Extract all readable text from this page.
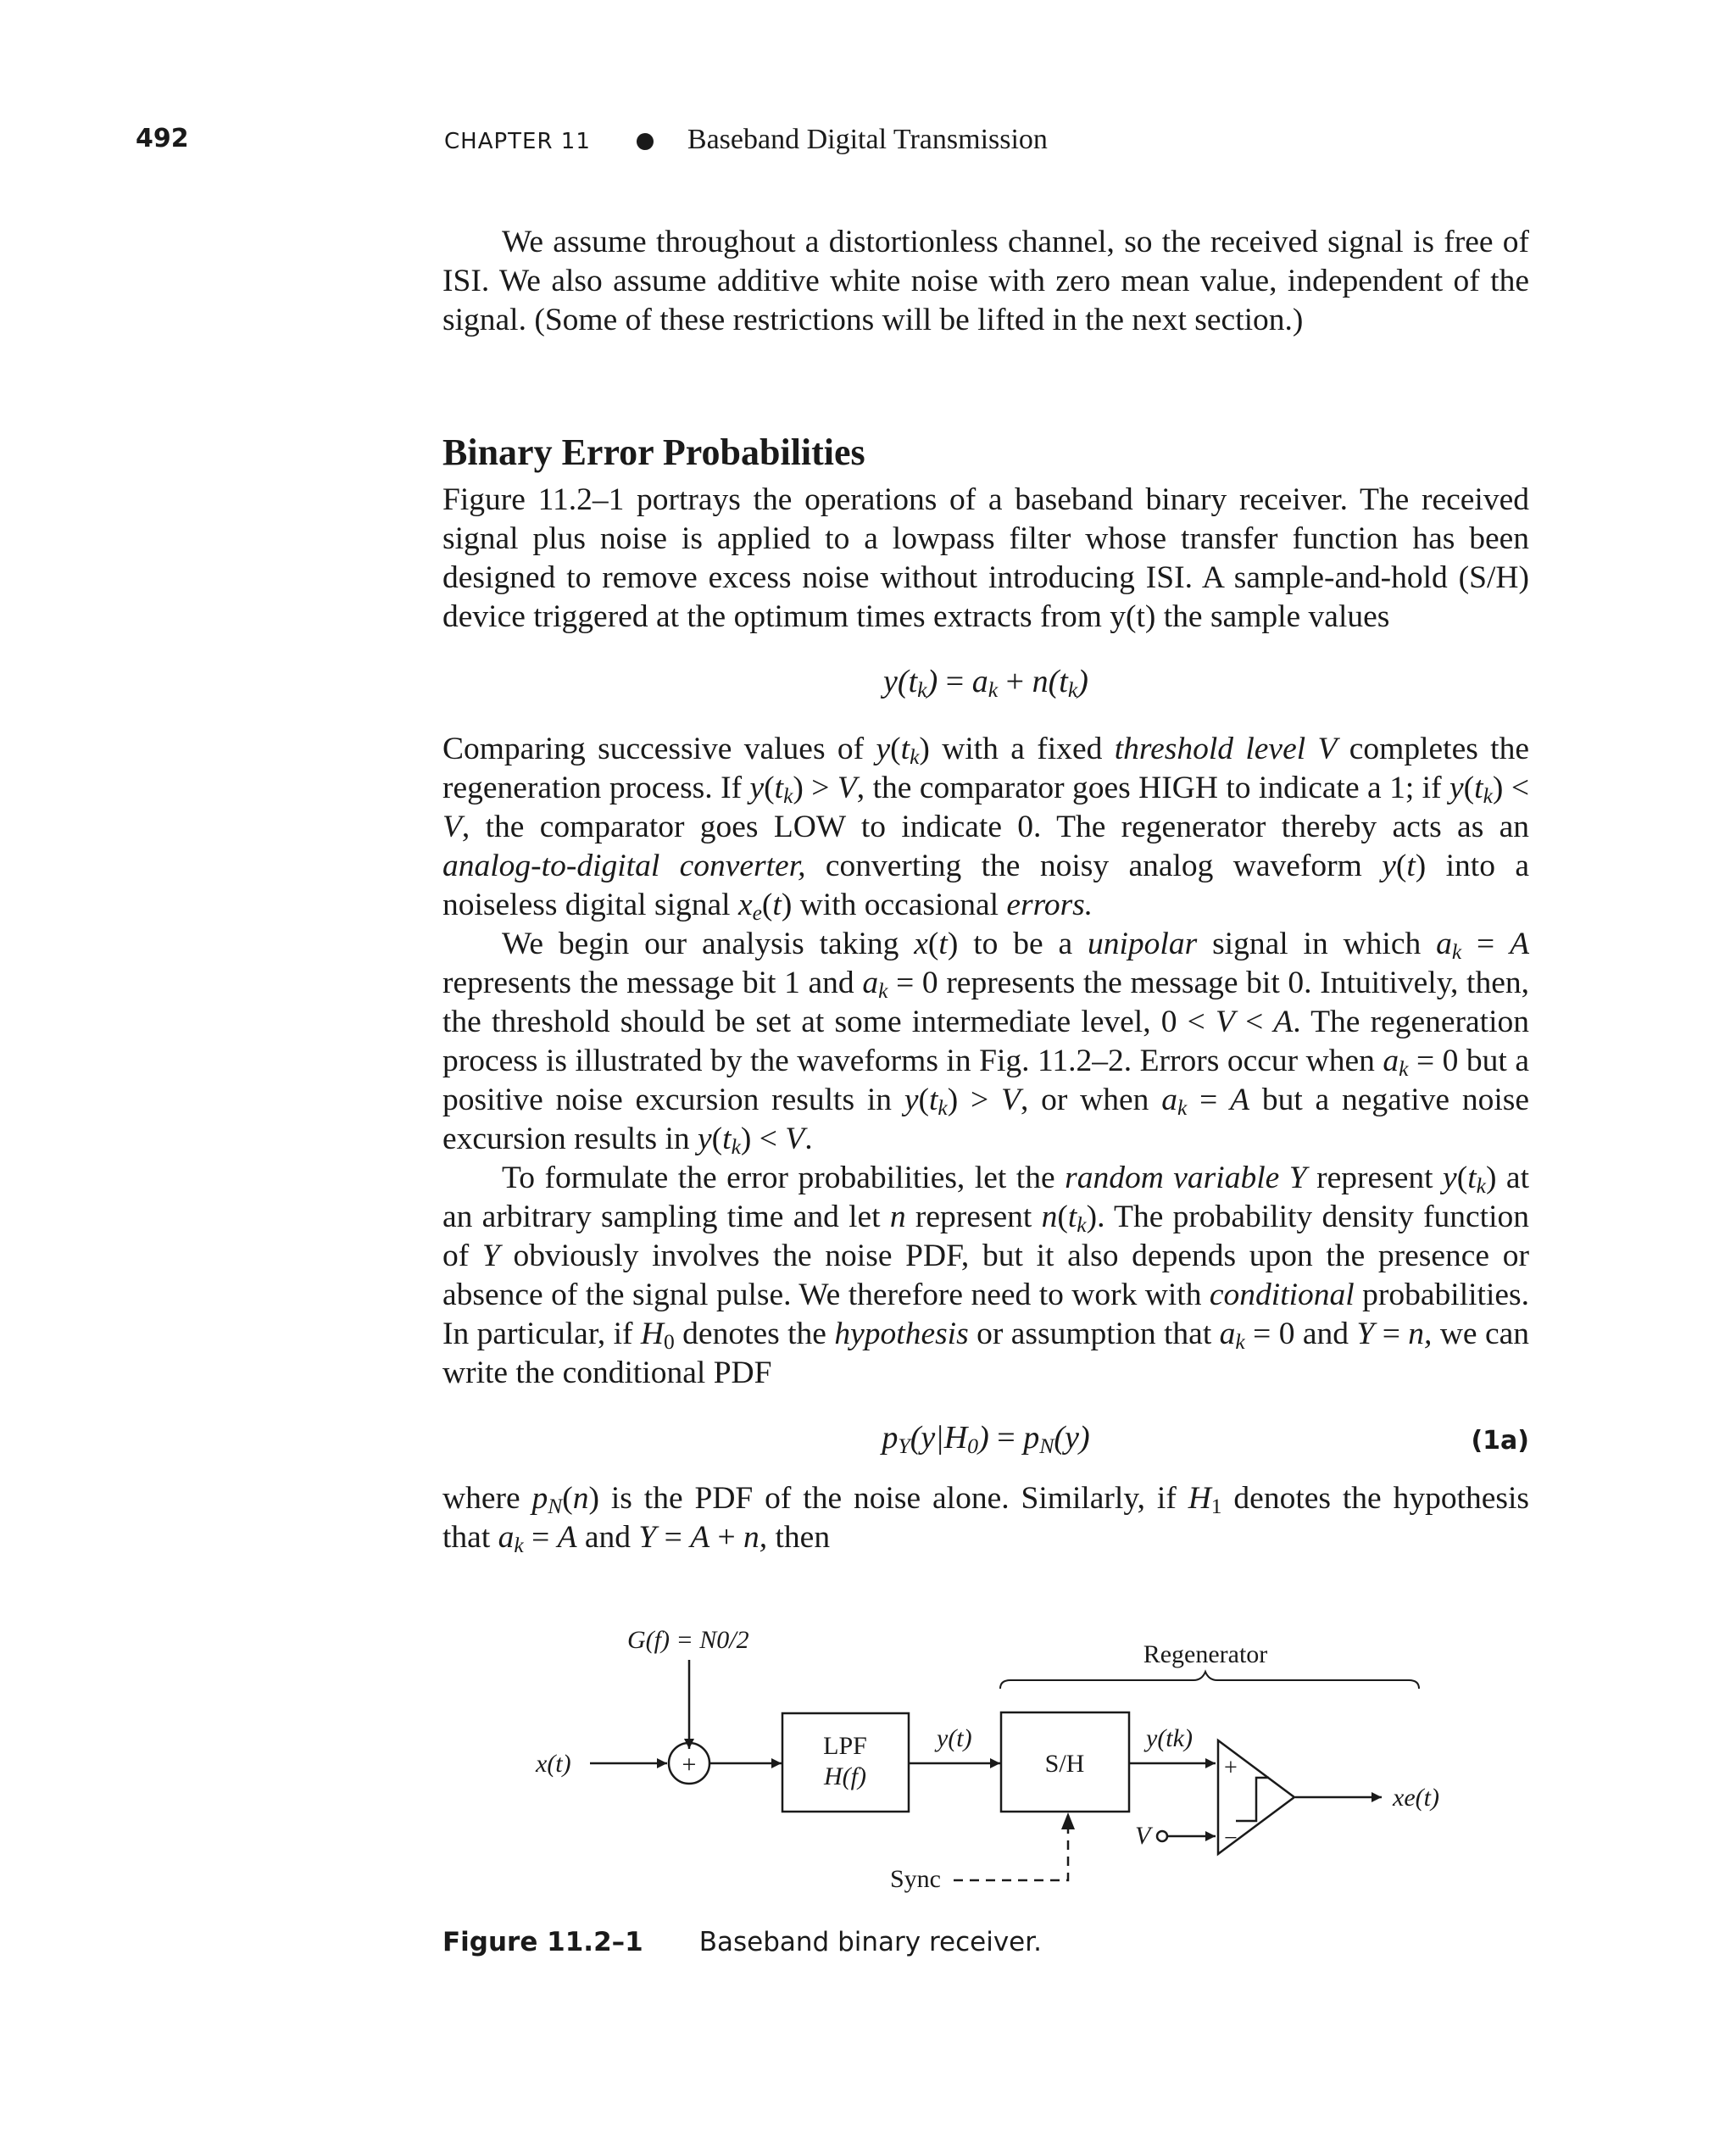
492	CHAPTER 11	Baseband Digital Transmission

We assume throughout a distortionless channel, so the received signal is free of ISI. We also assume additive white noise with zero mean value, independent of the signal. (Some of these restrictions will be lifted in the next section.)

Binary Error Probabilities

Figure 11.2–1 portrays the operations of a baseband binary receiver. The received signal plus noise is applied to a lowpass filter whose transfer function has been designed to remove excess noise without introducing ISI. A sample-and-hold (S/H) device triggered at the optimum times extracts from y(t) the sample values

$y(t_k) = a_k + n(t_k)$

Comparing successive values of $y(t_k)$ with a fixed threshold level V completes the regeneration process. If $y(t_k) > V$, the comparator goes HIGH to indicate a 1; if $y(t_k) < V$, the comparator goes LOW to indicate 0. The regenerator thereby acts as an analog-to-digital converter, converting the noisy analog waveform y(t) into a noiseless digital signal $x_e(t)$ with occasional errors.

We begin our analysis taking x(t) to be a unipolar signal in which $a_k = A$ represents the message bit 1 and $a_k = 0$ represents the message bit 0. Intuitively, then, the threshold should be set at some intermediate level, 0 < V < A. The regeneration process is illustrated by the waveforms in Fig. 11.2–2. Errors occur when $a_k = 0$ but a positive noise excursion results in $y(t_k) > V$, or when $a_k = A$ but a negative noise excursion results in $y(t_k) < V$.

To formulate the error probabilities, let the random variable Y represent $y(t_k)$ at an arbitrary sampling time and let n represent $n(t_k)$. The probability density function of Y obviously involves the noise PDF, but it also depends upon the presence or absence of the signal pulse. We therefore need to work with conditional probabilities. In particular, if $H_0$ denotes the hypothesis or assumption that $a_k = 0$ and Y = n, we can write the conditional PDF

$p_Y(y|H_0) = p_N(y)$	(1a)

where $p_N(n)$ is the PDF of the noise alone. Similarly, if $H_1$ denotes the hypothesis that $a_k = A$ and Y = A + n, then

G(f) = N0/2
x(t)	+
LPF
H(f)
y(t)
Regenerator
S/H
y(tk)
Sync
+
−
V
xe(t)
Figure 11.2–1 Baseband binary receiver.
